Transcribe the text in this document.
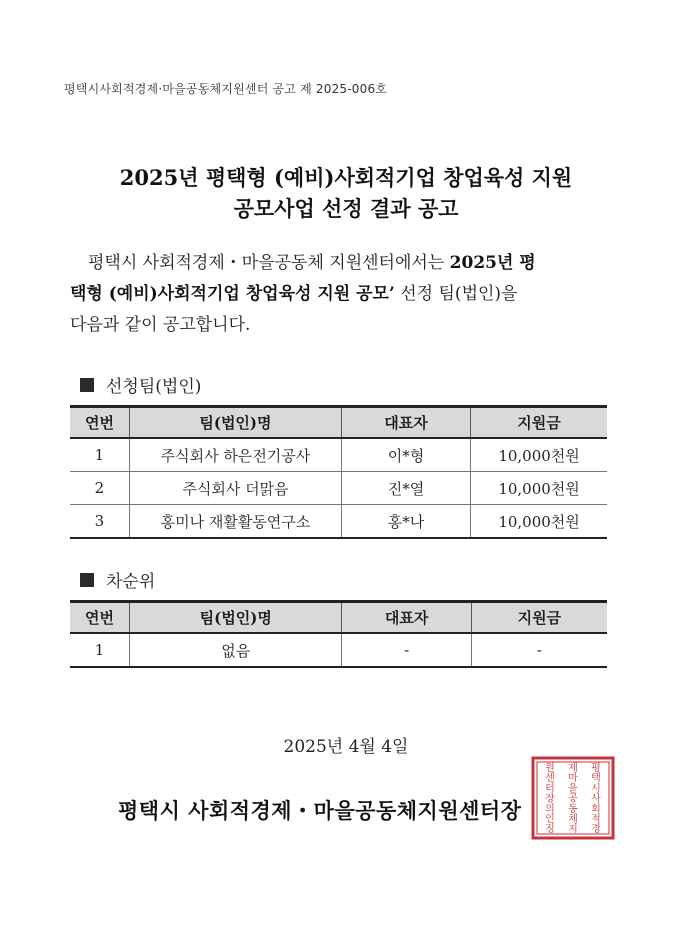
평택시사회적경제·마을공동체지원센터 공고 제 2025-006호
2025년 평택형 (예비)사회적기업 창업육성 지원
공모사업 선정 결과 공고

평택시 사회적경제・마을공동체 지원센터에서는 2025년 평

택형 (예비)사회적기업 창업육성 지원 공모’ 선정 팀(법인)을

다음과 같이 공고합니다.

선청팀(법인)
연번	팀(법인)명	대표자	지원금
1	주식회사 하은전기공사	이*형	10,000천원
2	주식회사 더맑음	진*열	10,000천원
3	홍미나 재활활동연구소	홍*나	10,000천원
차순위
연번	팀(법인)명	대표자	지원금
1	없음	-	-
2025년 4월 4일
평택시 사회적경제・마을공동체지원센터장
평
택
시
사
회
적
경
제
마
을
공
동
체
지
원
센
터
장
의
인
징
